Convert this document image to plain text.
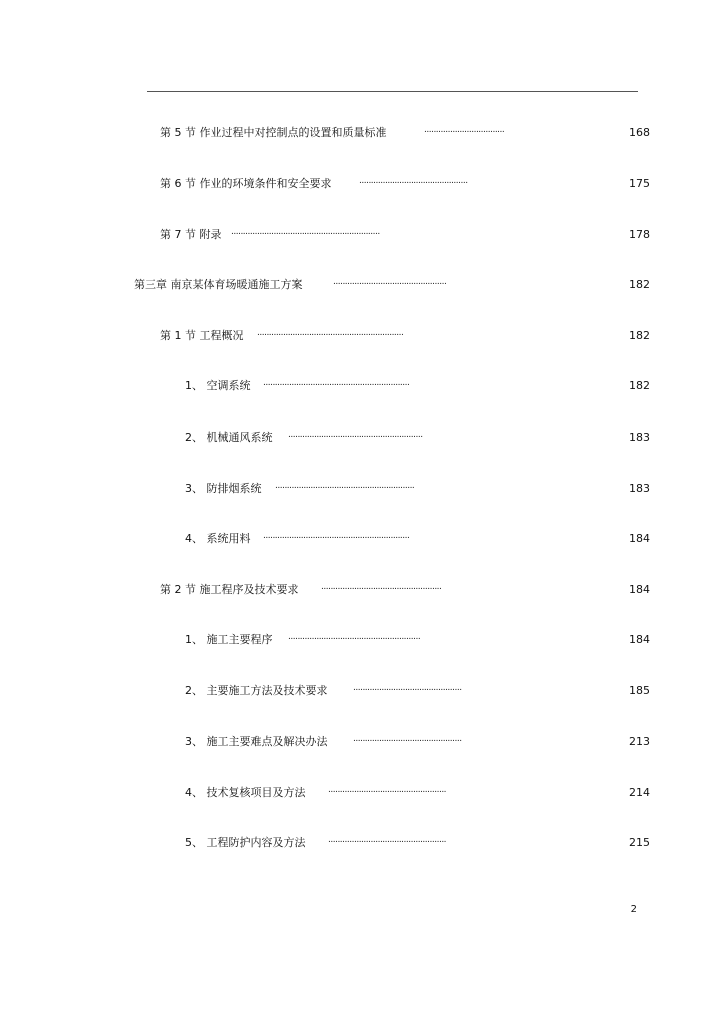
第 5 节 作业过程中对控制点的设置和质量标准	..................................	168
第 6 节 作业的环境条件和安全要求	..............................................	175
第 7 节 附录 ...............................................................	178
第三章 南京某体育场暖通施工方案	................................................	182
第 1 节 工程概况 ..............................................................	182
1、 空调系统 ..............................................................	182
2、 机械通风系统 .........................................................	183
3、 防排烟系统 ...........................................................	183
4、 系统用料 ..............................................................	184
第 2 节 施工程序及技术要求	...................................................	184
1、 施工主要程序 ........................................................	184
2、 主要施工方法及技术要求	..............................................	185
3、 施工主要难点及解决办法	..............................................	213
4、 技术复核项目及方法	..................................................	214
5、 工程防护内容及方法	..................................................	215
2
